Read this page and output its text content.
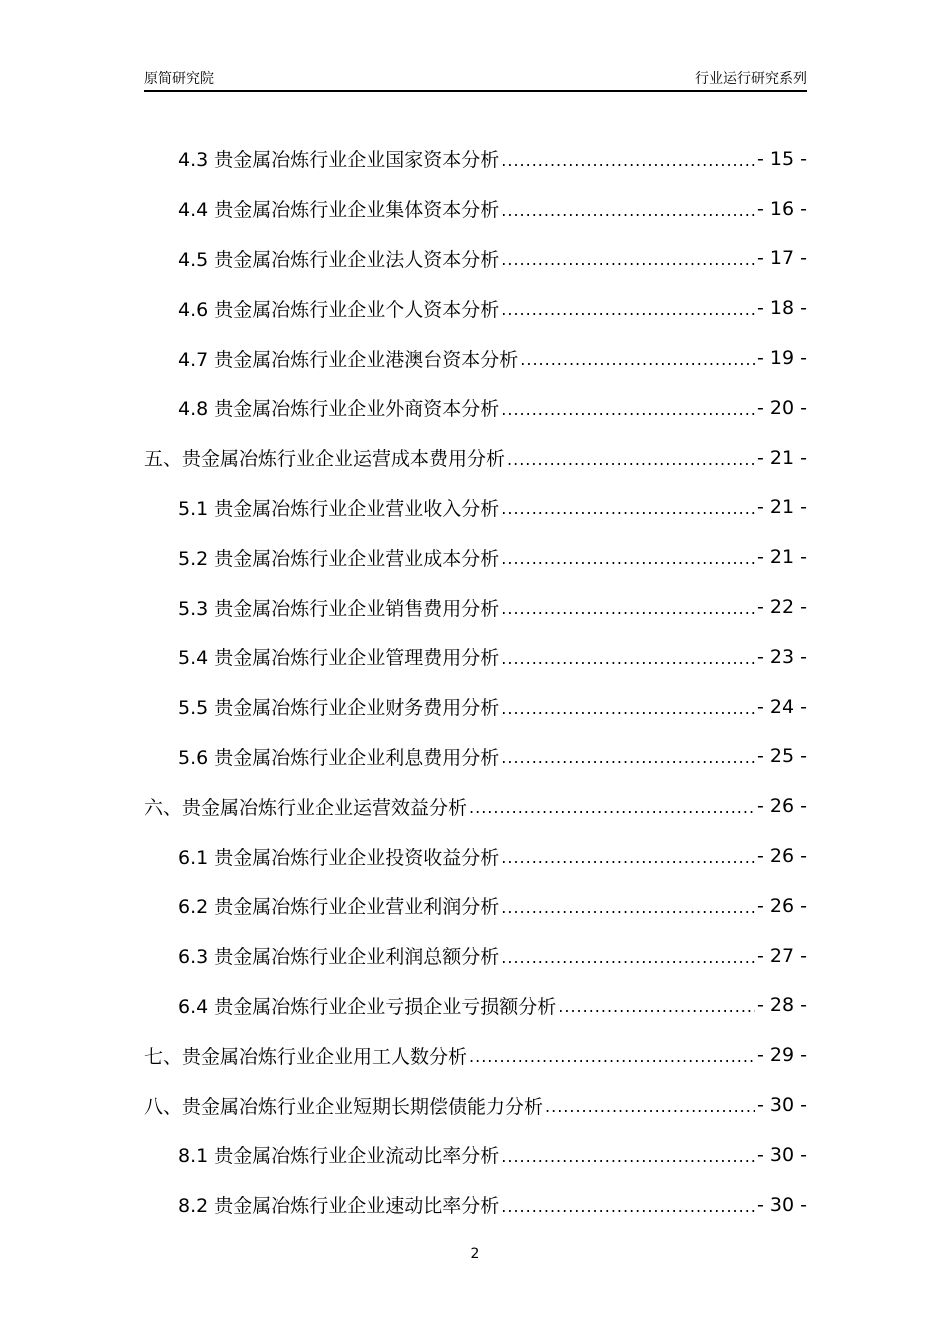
原简研究院	行业运行研究系列
4.3 贵金属冶炼行业企业国家资本分析 .....	- 15 -
4.4 贵金属冶炼行业企业集体资本分析 .....	- 16 -
4.5 贵金属冶炼行业企业法人资本分析 .....	- 17 -
4.6 贵金属冶炼行业企业个人资本分析 .....	- 18 -
4.7 贵金属冶炼行业企业港澳台资本分析 .....	- 19 -
4.8 贵金属冶炼行业企业外商资本分析 .....	- 20 -
五、贵金属冶炼行业企业运营成本费用分析 .....	- 21 -
5.1 贵金属冶炼行业企业营业收入分析 .....	- 21 -
5.2 贵金属冶炼行业企业营业成本分析 .....	- 21 -
5.3 贵金属冶炼行业企业销售费用分析 .....	- 22 -
5.4 贵金属冶炼行业企业管理费用分析 .....	- 23 -
5.5 贵金属冶炼行业企业财务费用分析 .....	- 24 -
5.6 贵金属冶炼行业企业利息费用分析 .....	- 25 -
六、贵金属冶炼行业企业运营效益分析 .....	- 26 -
6.1 贵金属冶炼行业企业投资收益分析 .....	- 26 -
6.2 贵金属冶炼行业企业营业利润分析 .....	- 26 -
6.3 贵金属冶炼行业企业利润总额分析 .....	- 27 -
6.4 贵金属冶炼行业企业亏损企业亏损额分析 .....	- 28 -
七、贵金属冶炼行业企业用工人数分析 .....	- 29 -
八、贵金属冶炼行业企业短期长期偿债能力分析 .....	- 30 -
8.1 贵金属冶炼行业企业流动比率分析 .....	- 30 -
8.2 贵金属冶炼行业企业速动比率分析 .....	- 30 -
2
